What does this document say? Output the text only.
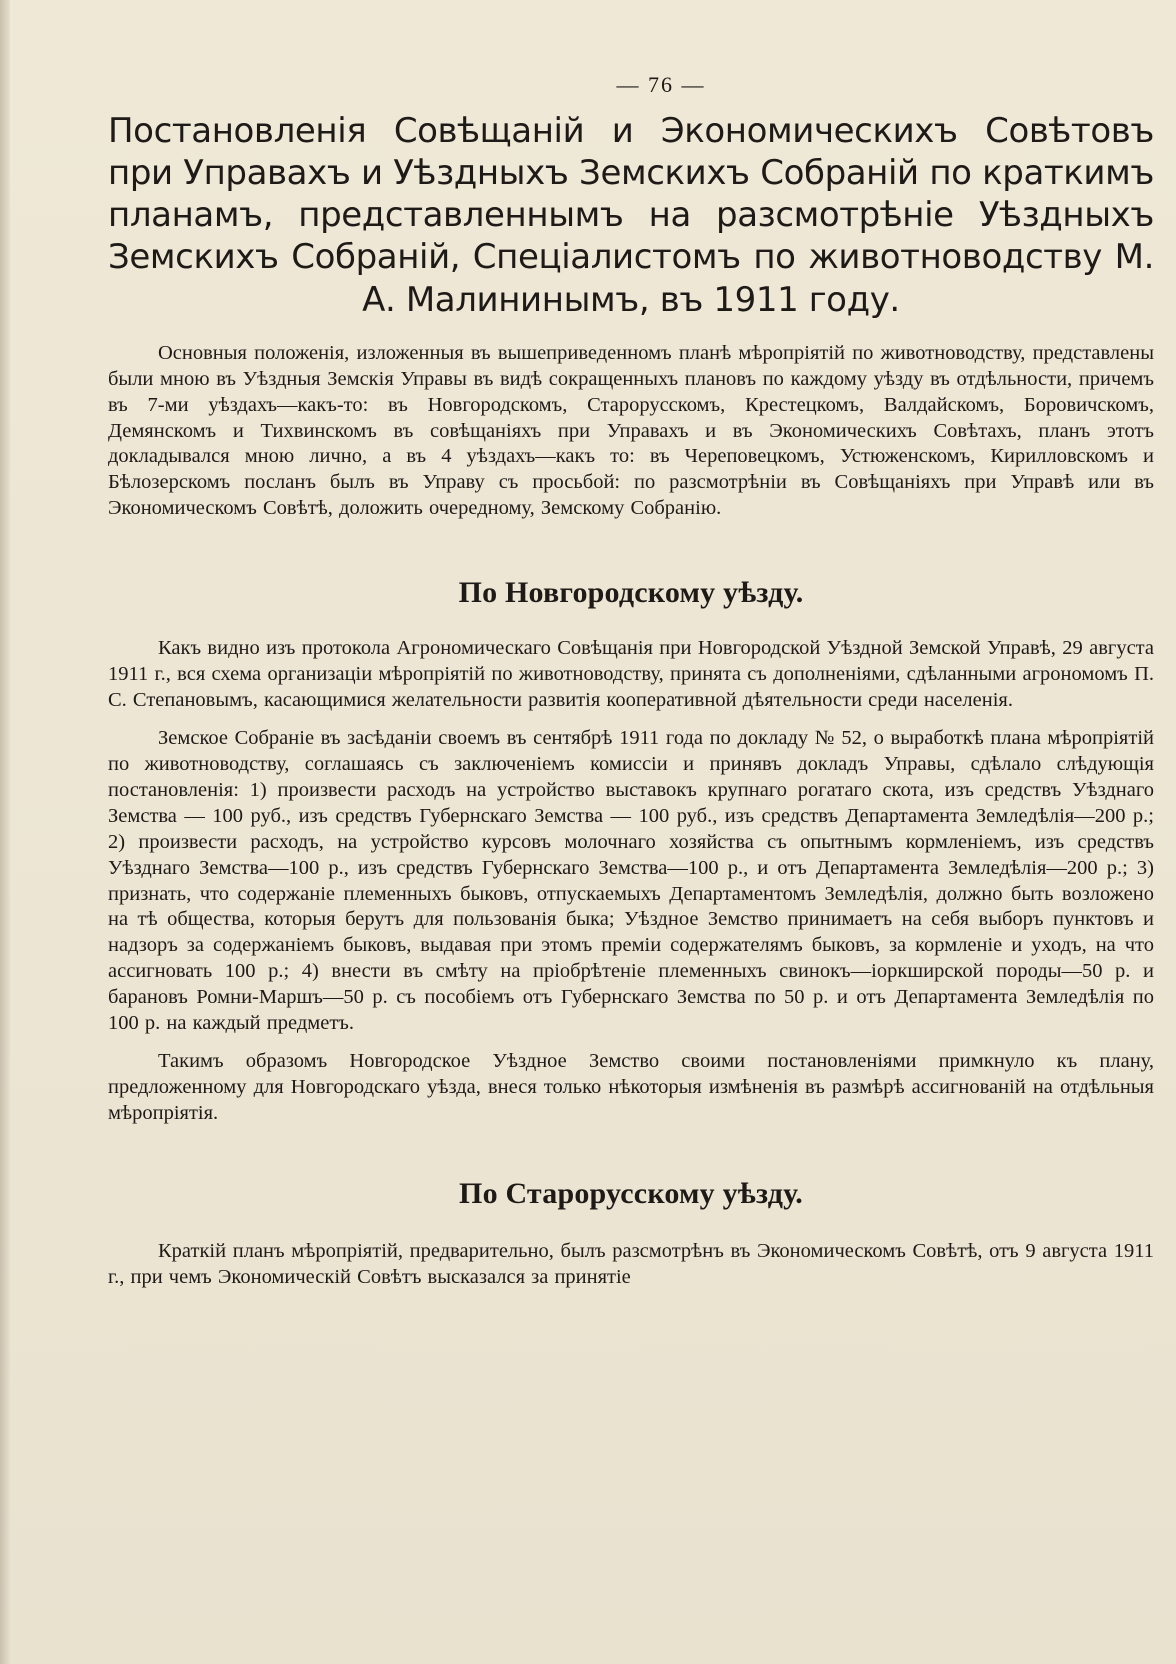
— 76 —
Постановленія Совѣщаній и Экономическихъ Совѣтовъ при Управахъ и Уѣздныхъ Земскихъ Собраній по краткимъ планамъ, представленнымъ на разсмотрѣніе Уѣздныхъ Земскихъ Собраній, Спеціалистомъ по животноводству М. А. Малининымъ, въ 1911 году.

Основныя положенія, изложенныя въ вышеприведенномъ планѣ мѣропріятій по животноводству, представлены были мною въ Уѣздныя Земскія Управы въ видѣ сокращенныхъ плановъ по каждому уѣзду въ отдѣльности, причемъ въ 7-ми уѣздахъ—какъ-то: въ Новгородскомъ, Старорусскомъ, Крестецкомъ, Валдайскомъ, Боровичскомъ, Демянскомъ и Тихвинскомъ въ совѣщаніяхъ при Управахъ и въ Экономическихъ Совѣтахъ, планъ этотъ докладывался мною лично, а въ 4 уѣздахъ—какъ то: въ Череповецкомъ, Устюженскомъ, Кирилловскомъ и Бѣлозерскомъ посланъ былъ въ Управу съ просьбой: по разсмотрѣніи въ Совѣщаніяхъ при Управѣ или въ Экономическомъ Совѣтѣ, доложить очередному, Земскому Собранію.

По Новгородскому уѣзду.

Какъ видно изъ протокола Агрономическаго Совѣщанія при Новгородской Уѣздной Земской Управѣ, 29 августа 1911 г., вся схема организаціи мѣропріятій по животноводству, принята съ дополненіями, сдѣланными агрономомъ П. С. Степановымъ, касающимися желательности развитія кооперативной дѣятельности среди населенія.

Земское Собраніе въ засѣданіи своемъ въ сентябрѣ 1911 года по докладу № 52, о выработкѣ плана мѣропріятій по животноводству, соглашаясь съ заключеніемъ комиссіи и принявъ докладъ Управы, сдѣлало слѣдующія постановленія: 1) произвести расходъ на устройство выставокъ крупнаго рогатаго скота, изъ средствъ Уѣзднаго Земства — 100 руб., изъ средствъ Губернскаго Земства — 100 руб., изъ средствъ Департамента Земледѣлія—200 р.; 2) произвести расходъ, на устройство курсовъ молочнаго хозяйства съ опытнымъ кормленіемъ, изъ средствъ Уѣзднаго Земства—100 р., изъ средствъ Губернскаго Земства—100 р., и отъ Департамента Земледѣлія—200 р.; 3) признать, что содержаніе племенныхъ быковъ, отпускаемыхъ Департаментомъ Земледѣлія, должно быть возложено на тѣ общества, которыя берутъ для пользованія быка; Уѣздное Земство принимаетъ на себя выборъ пунктовъ и надзоръ за содержаніемъ быковъ, выдавая при этомъ преміи содержателямъ быковъ, за кормленіе и уходъ, на что ассигновать 100 р.; 4) внести въ смѣту на пріобрѣтеніе племенныхъ свинокъ—іоркширской породы—50 р. и барановъ Ромни-Маршъ—50 р. съ пособіемъ отъ Губернскаго Земства по 50 р. и отъ Департамента Земледѣлія по 100 р. на каждый предметъ.

Такимъ образомъ Новгородское Уѣздное Земство своими постановленіями примкнуло къ плану, предложенному для Новгородскаго уѣзда, внеся только нѣкоторыя измѣненія въ размѣрѣ ассигнованій на отдѣльныя мѣропріятія.

По Старорусскому уѣзду.

Краткій планъ мѣропріятій, предварительно, былъ разсмотрѣнъ въ Экономическомъ Совѣтѣ, отъ 9 августа 1911 г., при чемъ Экономическій Совѣтъ высказался за принятіе
